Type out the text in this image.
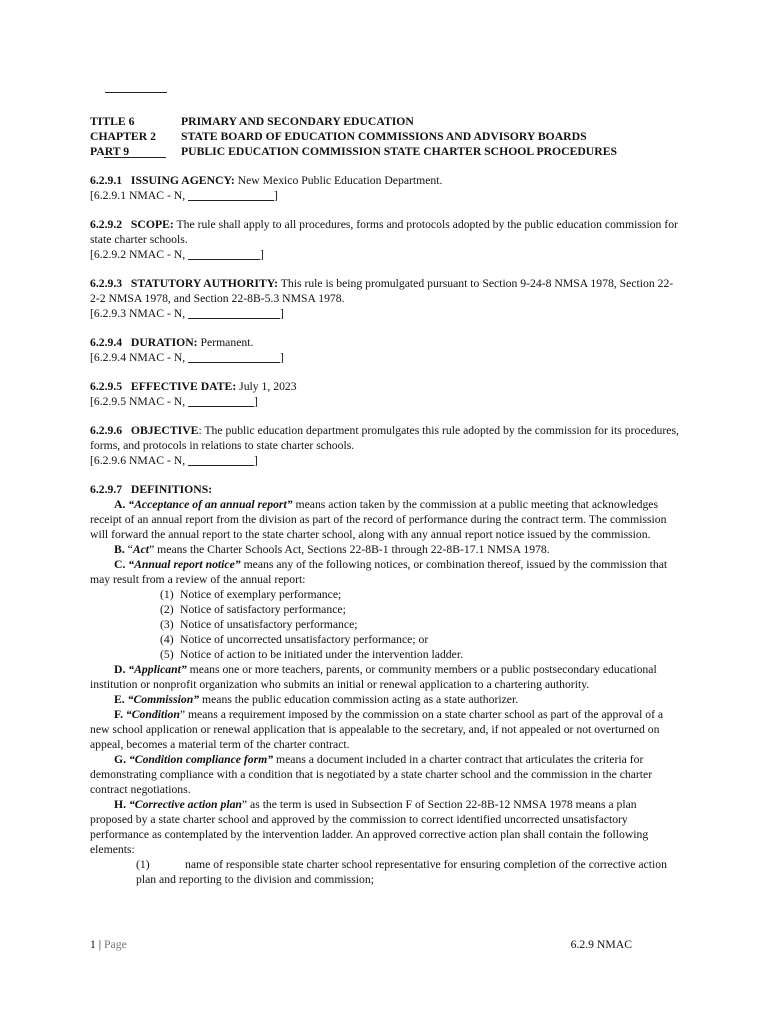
TITLE 6	PRIMARY AND SECONDARY EDUCATION
CHAPTER 2	STATE BOARD OF EDUCATION COMMISSIONS AND ADVISORY BOARDS
PART 9	PUBLIC EDUCATION COMMISSION STATE CHARTER SCHOOL PROCEDURES
6.2.9.1 ISSUING AGENCY: New Mexico Public Education Department.
[6.2.9.1 NMAC - N,	]
6.2.9.2 SCOPE: The rule shall apply to all procedures, forms and protocols adopted by the public education commission for state charter schools.
[6.2.9.2 NMAC - N,	]
6.2.9.3 STATUTORY AUTHORITY: This rule is being promulgated pursuant to Section 9-24-8 NMSA 1978, Section 22-2-2 NMSA 1978, and Section 22-8B-5.3 NMSA 1978.
[6.2.9.3 NMAC - N,	]
6.2.9.4 DURATION: Permanent.
[6.2.9.4 NMAC - N,	]
6.2.9.5 EFFECTIVE DATE: July 1, 2023
[6.2.9.5 NMAC - N,	]
6.2.9.6 OBJECTIVE: The public education department promulgates this rule adopted by the commission for its procedures, forms, and protocols in relations to state charter schools.
[6.2.9.6 NMAC - N,	]
6.2.9.7 DEFINITIONS:
A. “Acceptance of an annual report” means action taken by the commission at a public meeting that acknowledges receipt of an annual report from the division as part of the record of performance during the contract term. The commission will forward the annual report to the state charter school, along with any annual report notice issued by the commission.
B. “Act” means the Charter Schools Act, Sections 22-8B-1 through 22-8B-17.1 NMSA 1978.
C. “Annual report notice” means any of the following notices, or combination thereof, issued by the commission that may result from a review of the annual report:
(1) Notice of exemplary performance;
(2) Notice of satisfactory performance;
(3) Notice of unsatisfactory performance;
(4) Notice of uncorrected unsatisfactory performance; or
(5) Notice of action to be initiated under the intervention ladder.
D. “Applicant” means one or more teachers, parents, or community members or a public postsecondary educational institution or nonprofit organization who submits an initial or renewal application to a chartering authority.
E. “Commission” means the public education commission acting as a state authorizer.
F. “Condition” means a requirement imposed by the commission on a state charter school as part of the approval of a new school application or renewal application that is appealable to the secretary, and, if not appealed or not overturned on appeal, becomes a material term of the charter contract.
G. “Condition compliance form” means a document included in a charter contract that articulates the criteria for demonstrating compliance with a condition that is negotiated by a state charter school and the commission in the charter contract negotiations.
H. “Corrective action plan” as the term is used in Subsection F of Section 22-8B-12 NMSA 1978 means a plan proposed by a state charter school and approved by the commission to correct identified uncorrected unsatisfactory performance as contemplated by the intervention ladder. An approved corrective action plan shall contain the following elements:
(1)	name of responsible state charter school representative for ensuring completion of the corrective action plan and reporting to the division and commission;
1 | Page	6.2.9 NMAC
